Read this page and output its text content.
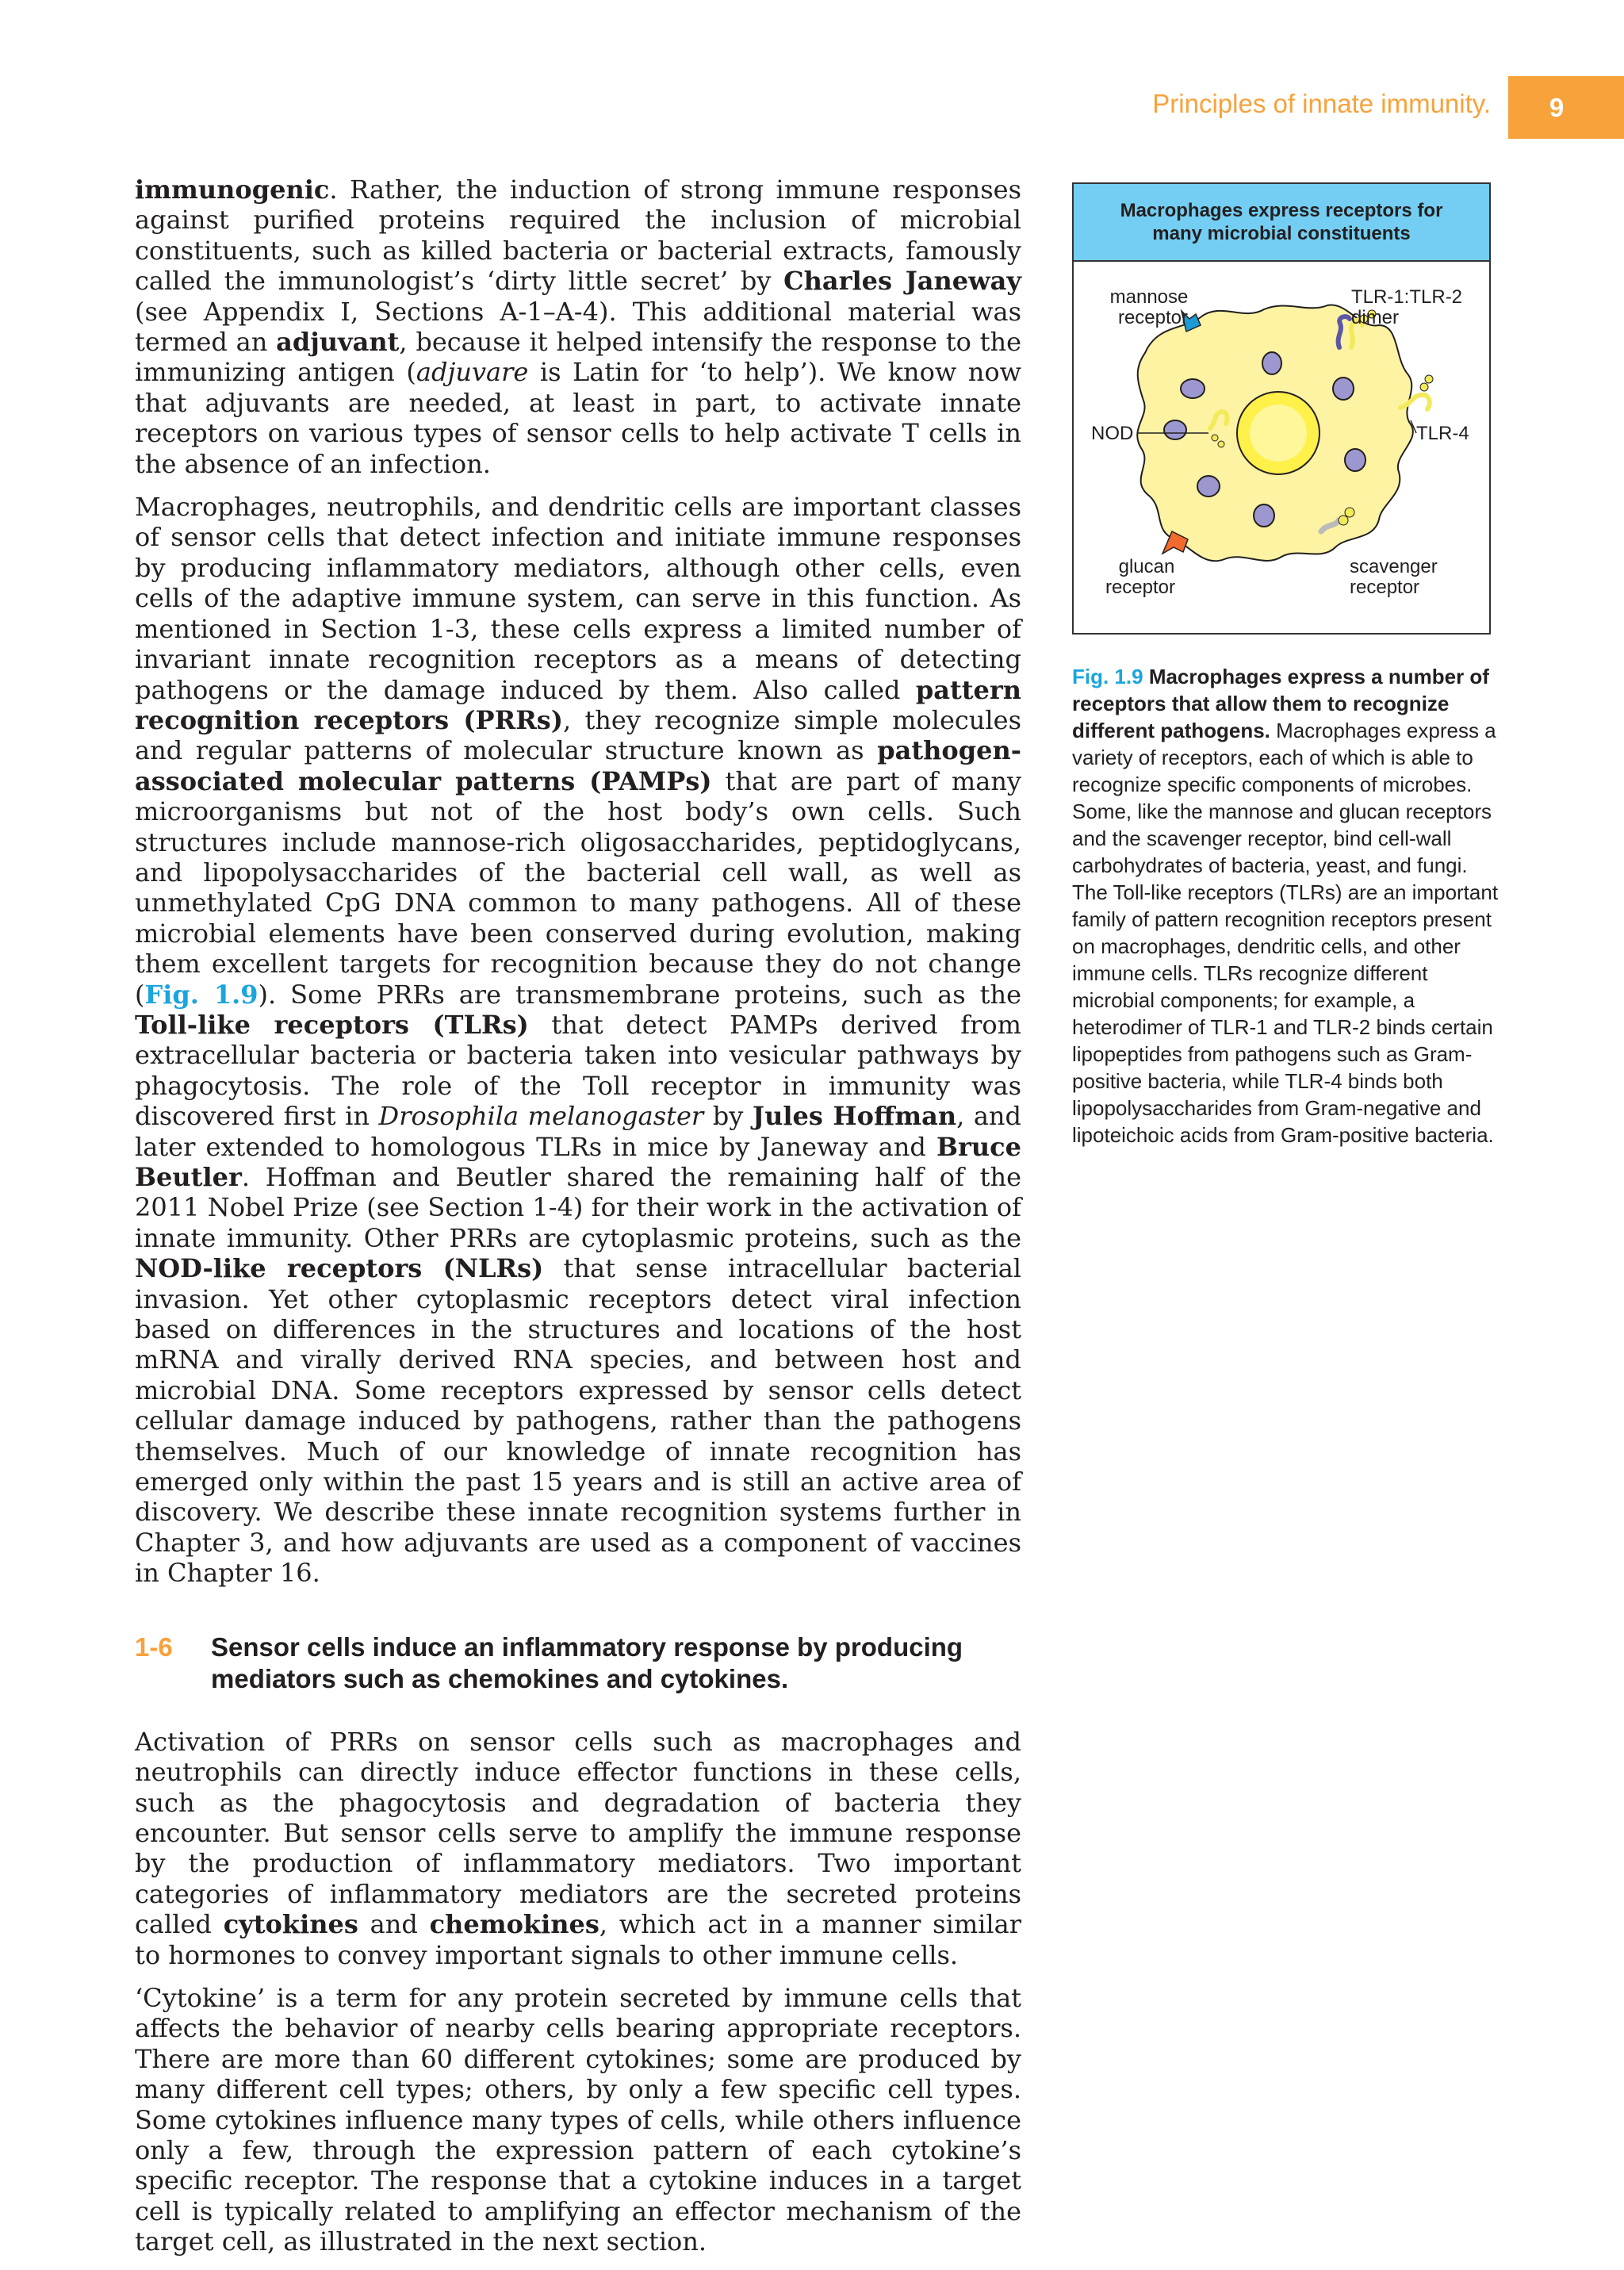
Principles of innate immunity. 9

immunogenic. Rather, the induction of strong immune responses against purified proteins required the inclusion of microbial constituents, such as killed bacteria or bacterial extracts, famously called the immunologist’s ‘dirty little secret’ by Charles Janeway (see Appendix I, Sections A-1–A-4). This additional material was termed an adjuvant, because it helped intensify the response to the immunizing antigen (adjuvare is Latin for ‘to help’). We know now that adjuvants are needed, at least in part, to activate innate receptors on various types of sensor cells to help activate T cells in the absence of an infection.

Macrophages, neutrophils, and dendritic cells are important classes of sensor cells that detect infection and initiate immune responses by producing inflammatory mediators, although other cells, even cells of the adaptive immune system, can serve in this function. As mentioned in Section 1-3, these cells express a limited number of invariant innate recognition receptors as a means of detecting pathogens or the damage induced by them. Also called pattern recognition receptors (PRRs), they recognize simple molecules and regular patterns of molecular structure known as pathogen-associated molecular patterns (PAMPs) that are part of many microorganisms but not of the host body’s own cells. Such structures include mannose-rich oligosaccharides, peptidoglycans, and lipopolysaccharides of the bacterial cell wall, as well as unmethylated CpG DNA common to many pathogens. All of these microbial elements have been conserved during evolution, making them excellent targets for recognition because they do not change (Fig. 1.9). Some PRRs are transmembrane proteins, such as the Toll-like receptors (TLRs) that detect PAMPs derived from extracellular bacteria or bacteria taken into vesicular pathways by phagocytosis. The role of the Toll receptor in immunity was discovered first in Drosophila melanogaster by Jules Hoffman, and later extended to homologous TLRs in mice by Janeway and Bruce Beutler. Hoffman and Beutler shared the remaining half of the 2011 Nobel Prize (see Section 1-4) for their work in the activation of innate immunity. Other PRRs are cytoplasmic proteins, such as the NOD-like receptors (NLRs) that sense intracellular bacterial invasion. Yet other cytoplasmic receptors detect viral infection based on differences in the structures and locations of the host mRNA and virally derived RNA species, and between host and microbial DNA. Some receptors expressed by sensor cells detect cellular damage induced by pathogens, rather than the pathogens themselves. Much of our knowledge of innate recognition has emerged only within the past 15 years and is still an active area of discovery. We describe these innate recognition systems further in Chapter 3, and how adjuvants are used as a component of vaccines in Chapter 16.

1-6 Sensor cells induce an inflammatory response by producing mediators such as chemokines and cytokines.

Activation of PRRs on sensor cells such as macrophages and neutrophils can directly induce effector functions in these cells, such as the phagocytosis and degradation of bacteria they encounter. But sensor cells serve to amplify the immune response by the production of inflammatory mediators. Two important categories of inflammatory mediators are the secreted proteins called cytokines and chemokines, which act in a manner similar to hormones to convey important signals to other immune cells.

‘Cytokine’ is a term for any protein secreted by immune cells that affects the behavior of nearby cells bearing appropriate receptors. There are more than 60 different cytokines; some are produced by many different cell types; others, by only a few specific cell types. Some cytokines influence many types of cells, while others influence only a few, through the expression pattern of each cytokine’s specific receptor. The response that a cytokine induces in a target cell is typically related to amplifying an effector mechanism of the target cell, as illustrated in the next section.

Macrophages express receptors for many microbial constituents
mannose
receptor
TLR-1:TLR-2
dimer
NOD	TLR-4
glucan
receptor
scavenger
receptor
Fig. 1.9 Macrophages express a number of receptors that allow them to recognize different pathogens. Macrophages express a variety of receptors, each of which is able to recognize specific components of microbes. Some, like the mannose and glucan receptors and the scavenger receptor, bind cell-wall carbohydrates of bacteria, yeast, and fungi. The Toll-like receptors (TLRs) are an important family of pattern recognition receptors present on macrophages, dendritic cells, and other immune cells. TLRs recognize different microbial components; for example, a heterodimer of TLR-1 and TLR-2 binds certain lipopeptides from pathogens such as Gram-positive bacteria, while TLR-4 binds both lipopolysaccharides from Gram-negative and lipoteichoic acids from Gram-positive bacteria.
